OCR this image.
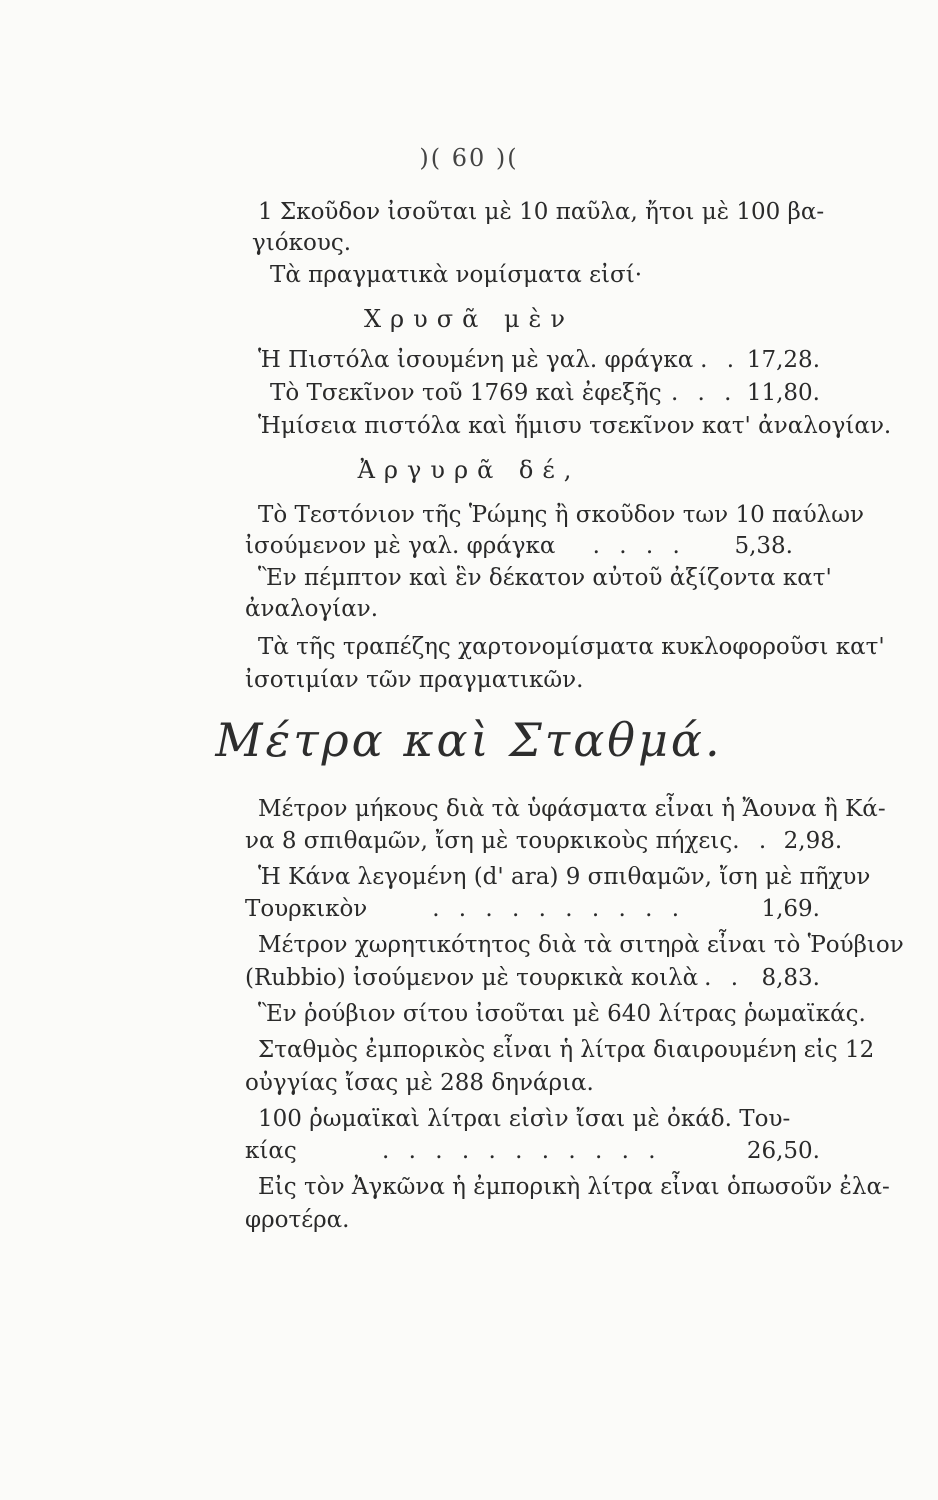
)( 60 )(
1 Σκοῦδον ἰσοῦται μὲ 10 παῦλα, ἤτοι μὲ 100 βα-
γιόκους.
Τὰ πραγματικὰ νομίσματα εἰσί·
Χρυσᾶ μὲν
Ἡ Πιστόλα ἰσουμένη μὲ γαλ. φράγκα . . 17,28.
Τὸ Τσεκῖνον τοῦ 1769 καὶ ἐφεξῆς . . . 11,80.
Ἡμίσεια πιστόλα καὶ ἥμισυ τσεκῖνον κατ' ἀναλογίαν.
Ἀργυρᾶ δέ,
Τὸ Τεστόνιον τῆς Ῥώμης ἢ σκοῦδον των 10 παύλων
ἰσούμενον μὲ γαλ. φράγκα . . . .	5,38.
Ἓν πέμπτον καὶ ἓν δέκατον αὐτοῦ ἀξίζοντα κατ'
ἀναλογίαν.
Τὰ τῆς τραπέζης χαρτονομίσματα κυκλοφοροῦσι κατ'
ἰσοτιμίαν τῶν πραγματικῶν.
Μέτρα καὶ Σταθμά.
Μέτρον μήκους διὰ τὰ ὑφάσματα εἶναι ἡ Ἄουνα ἢ Κά-
να 8 σπιθαμῶν, ἴση μὲ τουρκικοὺς πήχεις . . 2,98.
Ἡ Κάνα λεγομένη (d' ara) 9 σπιθαμῶν, ἴση μὲ πῆχυν
Τουρκικὸν	. . . . . . . . . .	1,69.
Μέτρον χωρητικότητος διὰ τὰ σιτηρὰ εἶναι τὸ Ῥούβιον
(Rubbio) ἰσούμενον μὲ τουρκικὰ κοιλὰ . . 8,83.
Ἓν ῥούβιον σίτου ἰσοῦται μὲ 640 λίτρας ῥωμαϊκάς.
Σταθμὸς ἐμπορικὸς εἶναι ἡ λίτρα διαιρουμένη εἰς 12
οὐγγίας ἴσας μὲ 288 δηνάρια.
100 ῥωμαϊκαὶ λίτραι εἰσὶν ἴσαι μὲ ὀκάδ. Του-
κίας	. . . . . . . . . . .	26,50.
Εἰς τὸν Ἀγκῶνα ἡ ἐμπορικὴ λίτρα εἶναι ὁπωσοῦν ἐλα-
φροτέρα.
